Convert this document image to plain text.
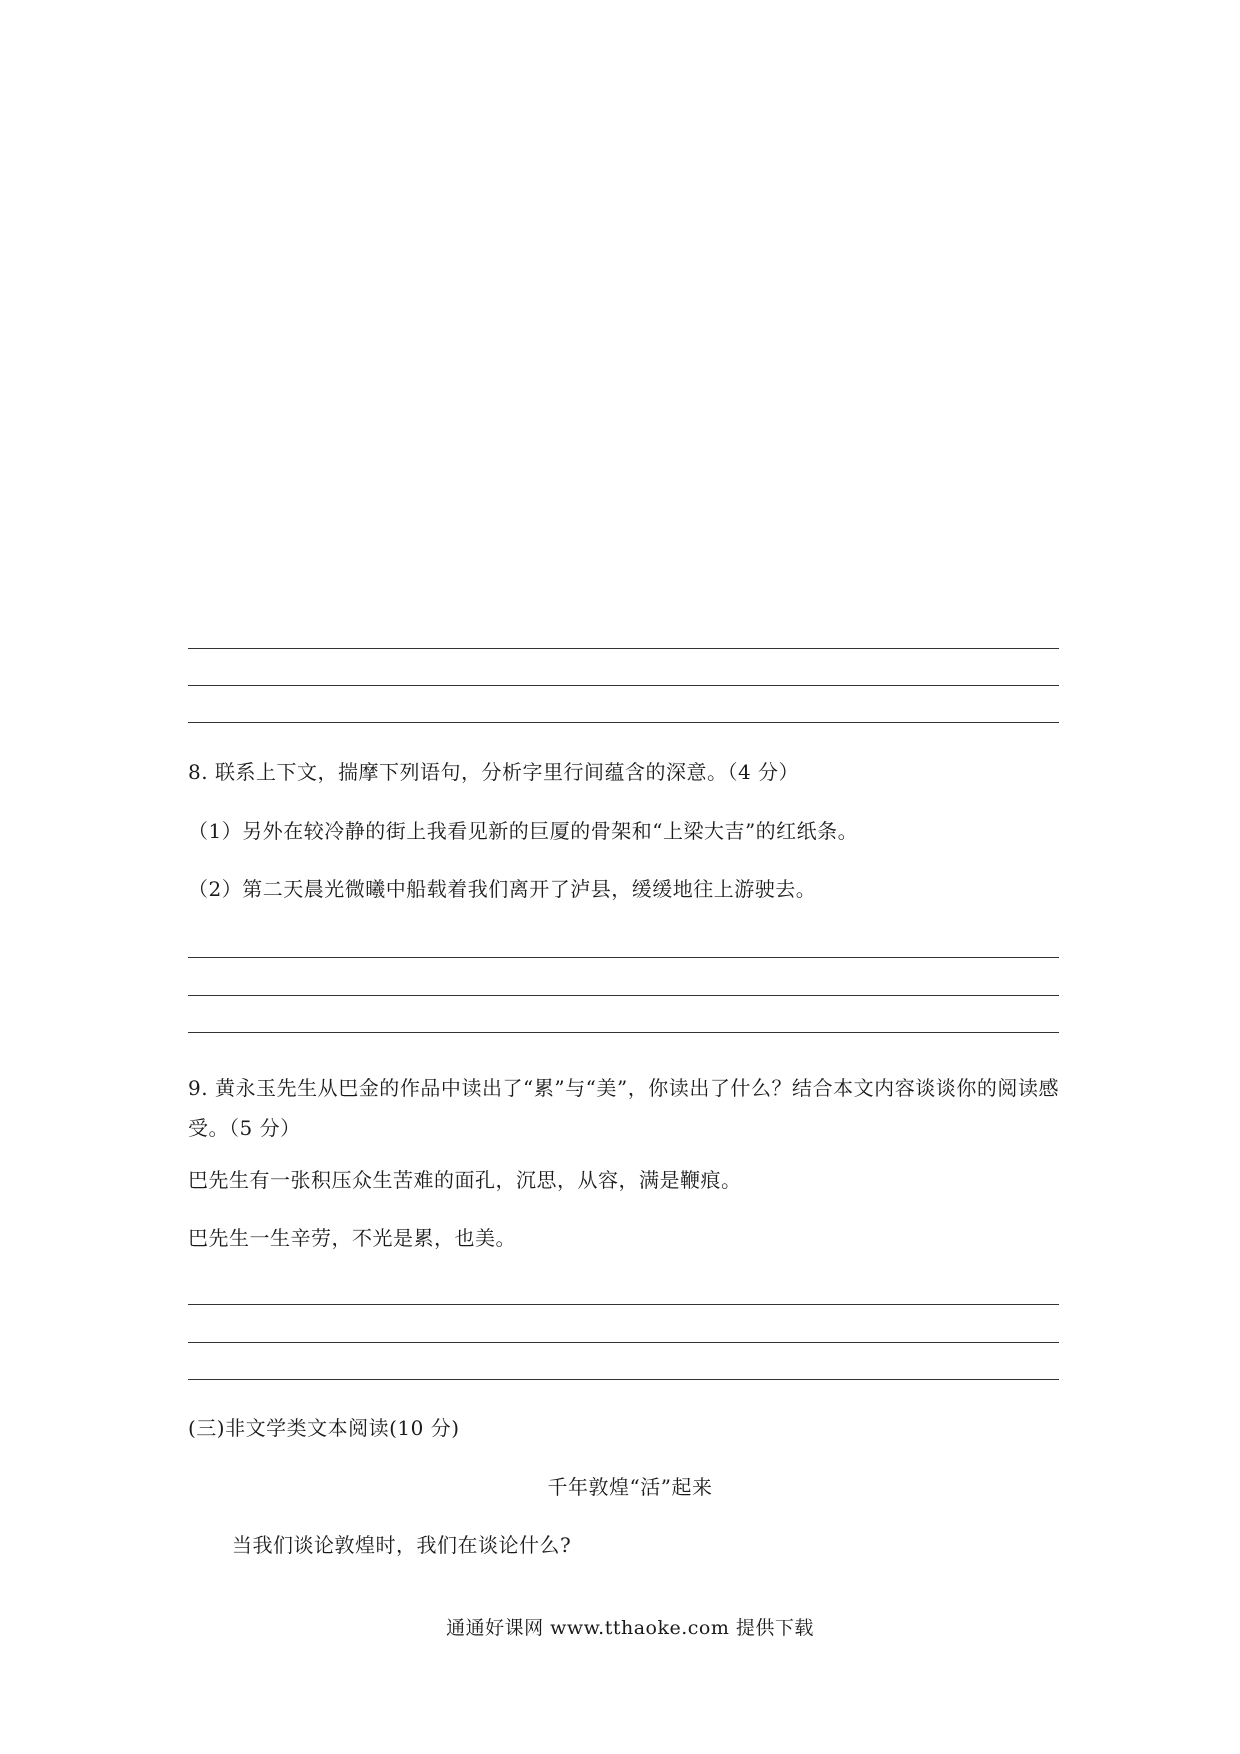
8. 联系上下文，揣摩下列语句，分析字里行间蕴含的深意。（4 分）
（1）另外在较冷静的街上我看见新的巨厦的骨架和“上梁大吉”的红纸条。
（2）第二天晨光微曦中船载着我们离开了泸县，缓缓地往上游驶去。
9. 黄永玉先生从巴金的作品中读出了“累”与“美”，你读出了什么？结合本文内容谈谈你的阅读感受。（5 分）
巴先生有一张积压众生苦难的面孔，沉思，从容，满是鞭痕。
巴先生一生辛劳，不光是累，也美。
(三)非文学类文本阅读(10 分)
千年敦煌“活”起来
当我们谈论敦煌时，我们在谈论什么?
通通好课网 www.tthaoke.com 提供下载
